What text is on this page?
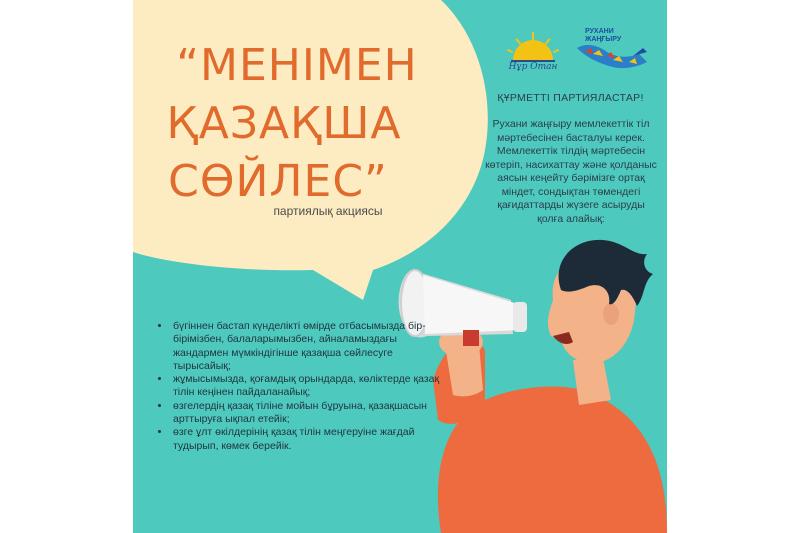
“МЕНІМЕН
ҚАЗАҚША
СӨЙЛЕС”
партиялық акциясы
Нұр Отан
РУХАНИ
ЖАҢҒЫРУ
ҚҰРМЕТТІ ПАРТИЯЛАСТАР!
Рухани жаңғыру мемлекеттік тіл мәртебесінен басталуы керек. Мемлекеттік тілдің мәртебесін көтеріп, насихаттау және қолданыс аясын кеңейту бәрімізге ортақ міндет, сондықтан төмендегі қағидаттарды жүзеге асыруды қолға алайық:
• бүгіннен бастап күнделікті өмірде отбасымызда бір-бірімізбен, балаларымызбен, айналамыздағы жандармен мүмкіндігінше қазақша сөйлесуге тырысайық;
• жұмысымызда, қоғамдық орындарда, көліктерде қазақ тілін кеңінен пайдаланайық;
• өзгелердің қазақ тіліне мойын бұруына, қазақшасын арттыруға ықпал етейік;
• өзге ұлт өкілдерінің қазақ тілін меңгеруіне жағдай тудырып, көмек берейік.
